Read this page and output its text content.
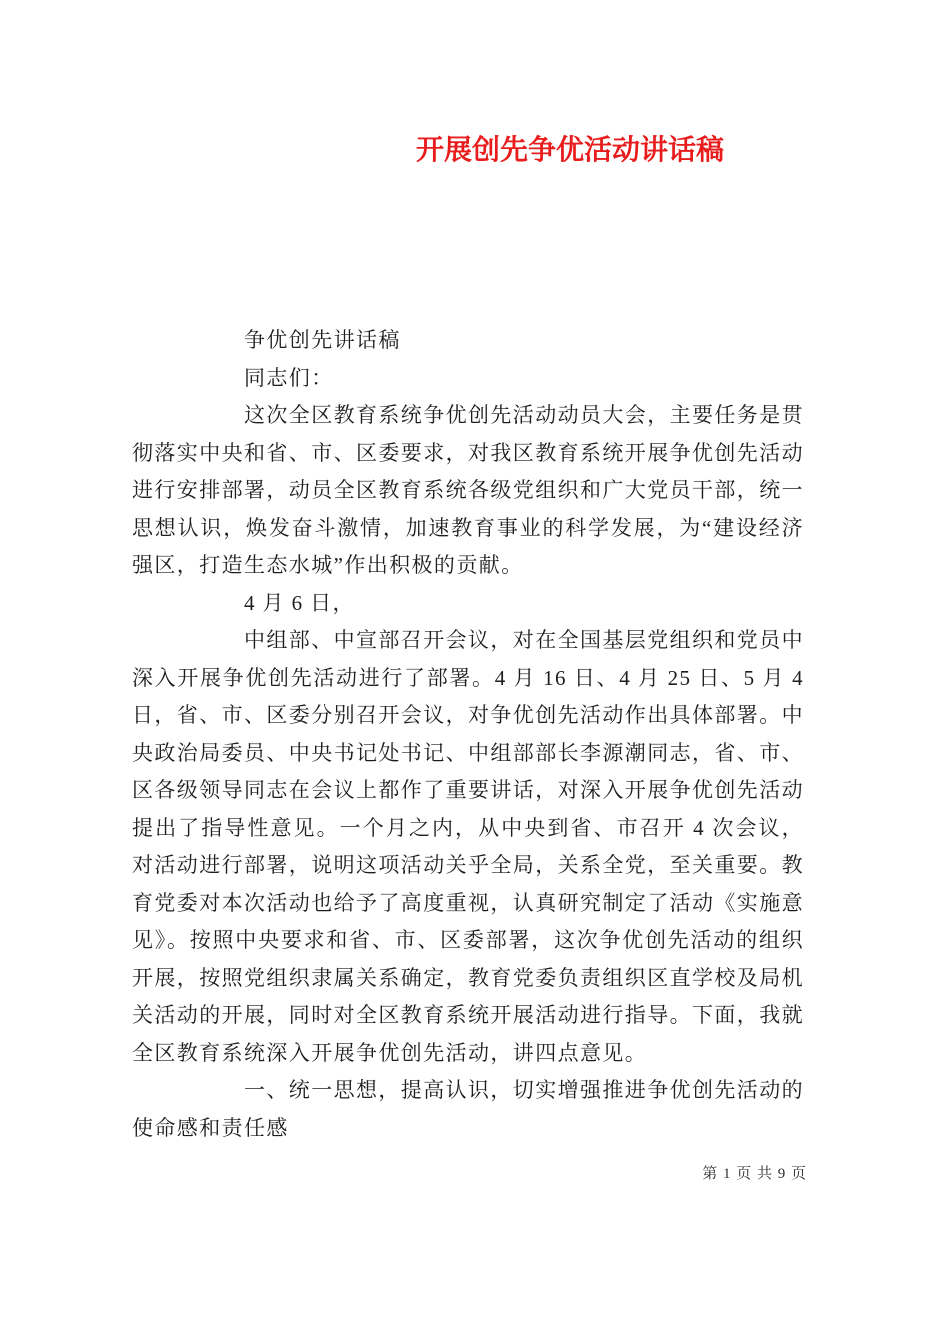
开展创先争优活动讲话稿

争优创先讲话稿

同志们：

这次全区教育系统争优创先活动动员大会，主要任务是贯彻落实中央和省、市、区委要求，对我区教育系统开展争优创先活动进行安排部署，动员全区教育系统各级党组织和广大党员干部，统一思想认识，焕发奋斗激情，加速教育事业的科学发展，为“建设经济强区，打造生态水城”作出积极的贡献。

4 月 6 日，

中组部、中宣部召开会议，对在全国基层党组织和党员中深入开展争优创先活动进行了部署。4 月 16 日、4 月 25 日、5 月 4 日，省、市、区委分别召开会议，对争优创先活动作出具体部署。中央政治局委员、中央书记处书记、中组部部长李源潮同志，省、市、区各级领导同志在会议上都作了重要讲话，对深入开展争优创先活动提出了指导性意见。一个月之内，从中央到省、市召开 4 次会议，对活动进行部署，说明这项活动关乎全局，关系全党，至关重要。教育党委对本次活动也给予了高度重视，认真研究制定了活动《实施意见》。按照中央要求和省、市、区委部署，这次争优创先活动的组织开展，按照党组织隶属关系确定，教育党委负责组织区直学校及局机关活动的开展，同时对全区教育系统开展活动进行指导。下面，我就全区教育系统深入开展争优创先活动，讲四点意见。

一、统一思想，提高认识，切实增强推进争优创先活动的使命感和责任感

第 1 页 共 9 页
